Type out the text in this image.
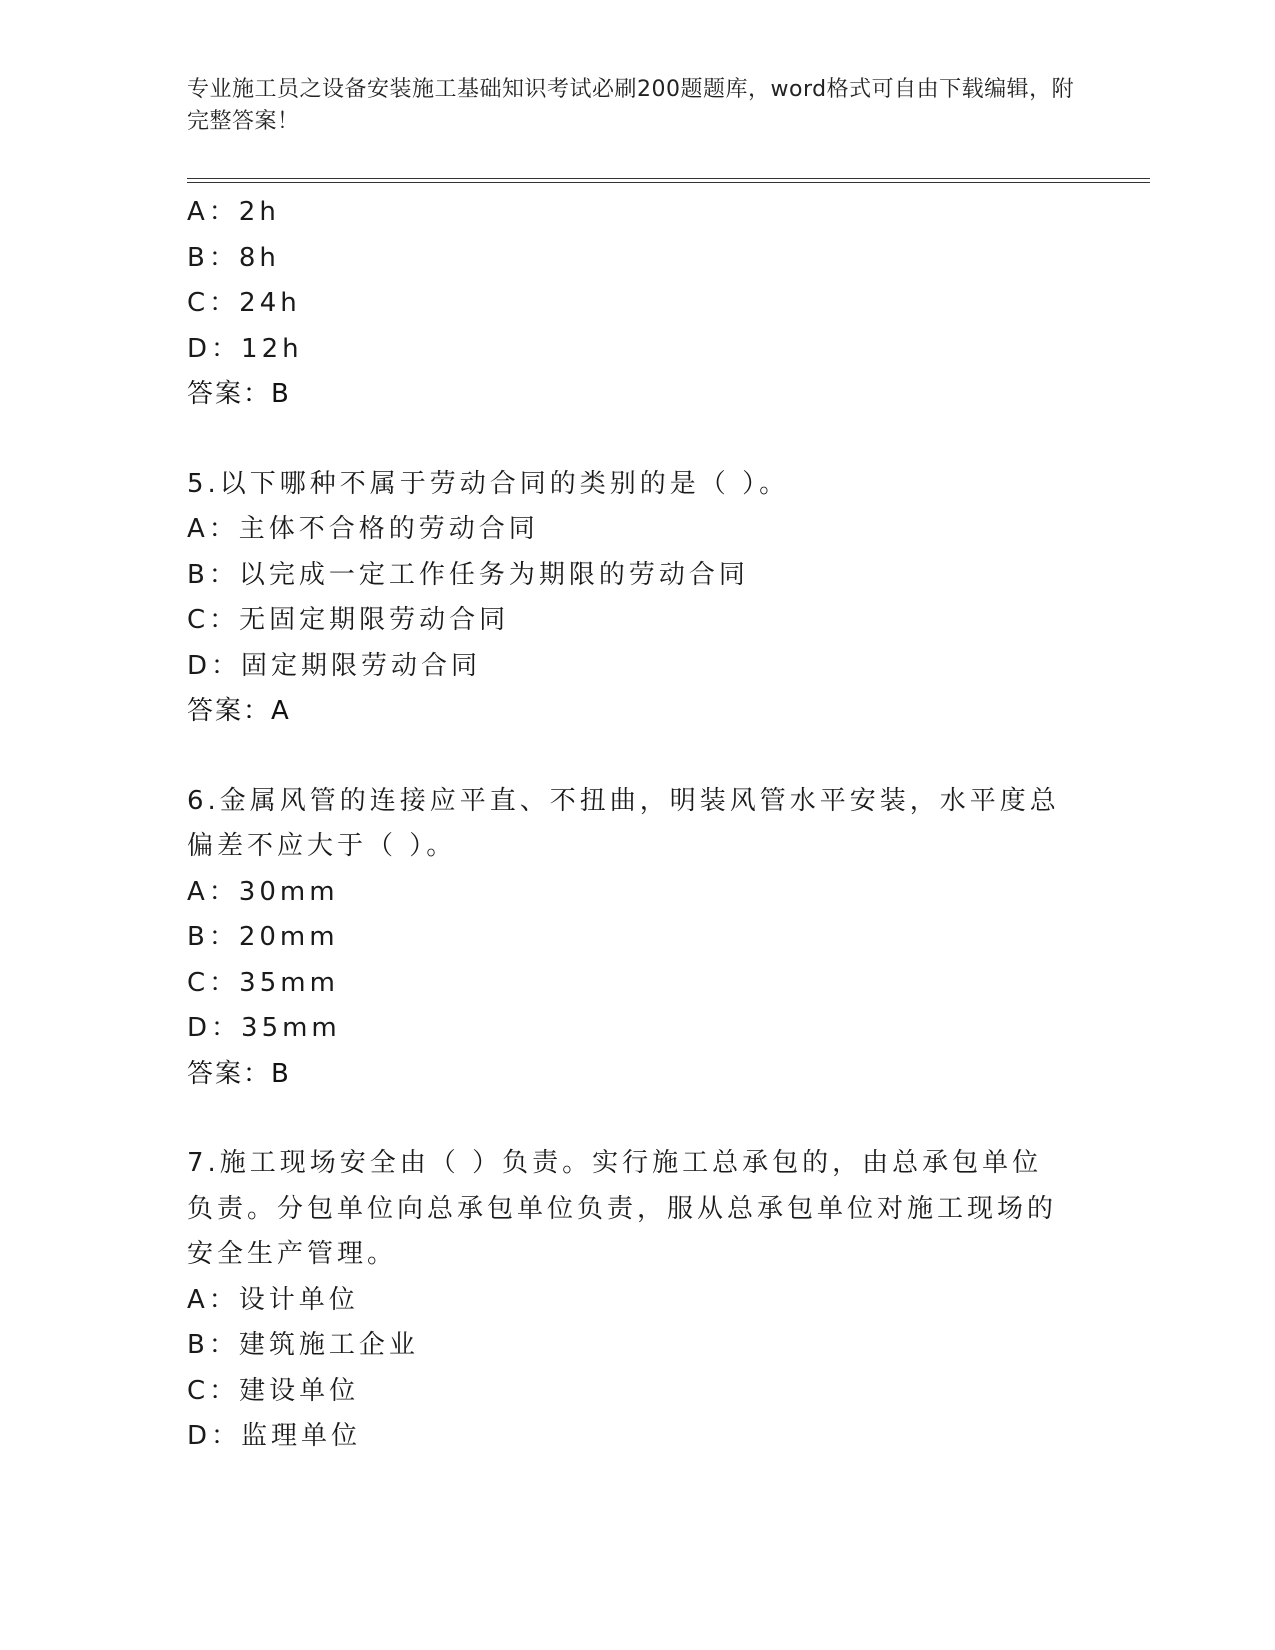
专业施工员之设备安装施工基础知识考试必刷200题题库，word格式可自由下载编辑，附完整答案！
A：2h
B：8h
C：24h
D：12h
答案：B
5.以下哪种不属于劳动合同的类别的是（ ）。
A：主体不合格的劳动合同
B：以完成一定工作任务为期限的劳动合同
C：无固定期限劳动合同
D：固定期限劳动合同
答案：A
6.金属风管的连接应平直、不扭曲，明装风管水平安装，水平度总偏差不应大于（ ）。
A：30mm
B：20mm
C：35mm
D：35mm
答案：B
7.施工现场安全由（ ）负责。实行施工总承包的，由总承包单位负责。分包单位向总承包单位负责，服从总承包单位对施工现场的安全生产管理。
A：设计单位
B：建筑施工企业
C：建设单位
D：监理单位
